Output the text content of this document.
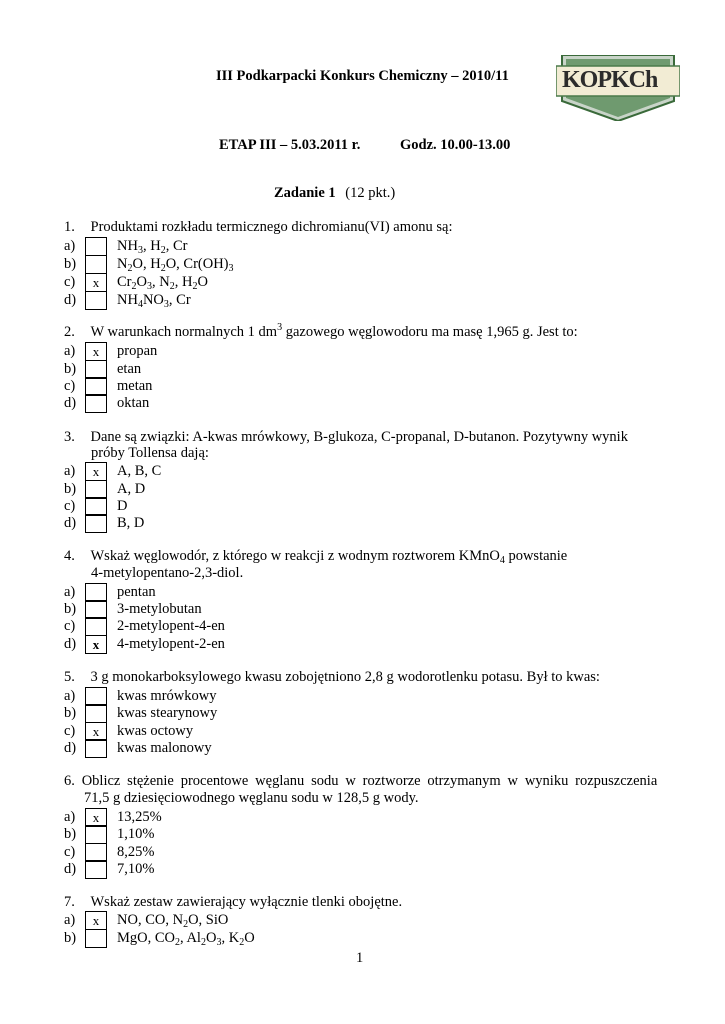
III Podkarpacki Konkurs Chemiczny – 2010/11 KOPKCh
ETAP III – 5.03.2011 r.	Godz. 10.00-13.00
Zadanie 1 (12 pkt.)
1. Produktami rozkładu termicznego dichromianu(VI) amonu są:
a)	$NH_3$, $H_2$, Cr
b)	$N_2O$, $H_2O$, $Cr(OH)_3$
c)	x	$Cr_2O_3$, $N_2$, $H_2O$
d)	$NH_4NO_3$, Cr
2. W warunkach normalnych 1 $dm^3$ gazowego węglowodoru ma masę 1,965 g. Jest to:
a)	x	propan
b)	etan
c)	metan
d)	oktan
3. Dane są związki: A-kwas mrówkowy, B-glukoza, C-propanal, D-butanon. Pozytywny wynik
próby Tollensa dają:
a)	x	A, B, C
b)	A, D
c)	D
d)	B, D
4. Wskaż węglowodór, z którego w reakcji z wodnym roztworem KMnO$_4$ powstanie
4-metylopentano-2,3-diol.
a)	pentan
b)	3-metylobutan
c)	2-metylopent-4-en
d)	x	4-metylopent-2-en
5. 3 g monokarboksylowego kwasu zobojętniono 2,8 g wodorotlenku potasu. Był to kwas:
a)	kwas mrówkowy
b)	kwas stearynowy
c)	x	kwas octowy
d)	kwas malonowy
6. Oblicz stężenie procentowe węglanu sodu w roztworze otrzymanym w wyniku rozpuszczenia
71,5 g dziesięciowodnego węglanu sodu w 128,5 g wody.
a)	x	13,25%
b)	1,10%
c)	8,25%
d)	7,10%
7. Wskaż zestaw zawierający wyłącznie tlenki obojętne.
a)	x	NO, CO, $N_2O$, SiO
b)	MgO, $CO_2$, $Al_2O_3$, $K_2O$
1
